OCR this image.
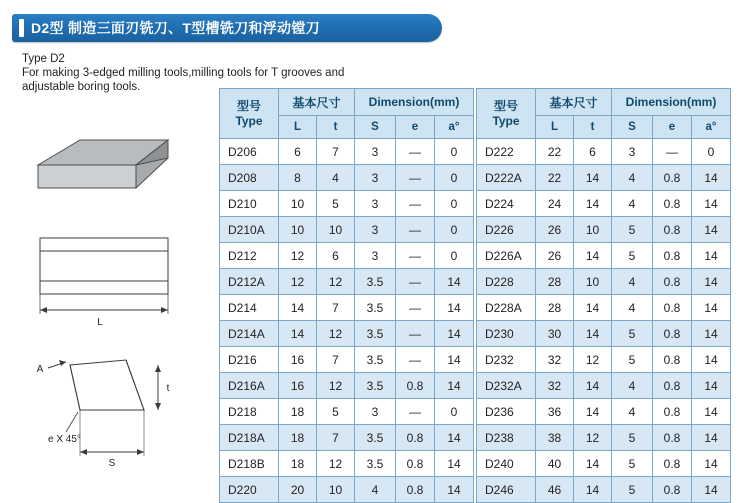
D2型 制造三面刃铣刀、T型槽铣刀和浮动镗刀
Type D2
For making 3-edged milling tools,milling tools for T grooves and
adjustable boring tools.
L
A
t
e X 45°
S
型号
Type	基本尺寸		Dimension(mm)		
	L	t	S	e	a°
D206	6	7	3	—	0
D208	8	4	3	—	0
D210	10	5	3	—	0
D210A	10	10	3	—	0
D212	12	6	3	—	0
D212A	12	12	3.5	—	14
D214	14	7	3.5	—	14
D214A	14	12	3.5	—	14
D216	16	7	3.5	—	14
D216A	16	12	3.5	0.8	14
D218	18	5	3	—	0
D218A	18	7	3.5	0.8	14
D218B	18	12	3.5	0.8	14
D220	20	10	4	0.8	14
型号
Type	基本尺寸		Dimension(mm)		
	L	t	S	e	a°
D222	22	6	3	—	0
D222A	22	14	4	0.8	14
D224	24	14	4	0.8	14
D226	26	10	5	0.8	14
D226A	26	14	5	0.8	14
D228	28	10	4	0.8	14
D228A	28	14	4	0.8	14
D230	30	14	5	0.8	14
D232	32	12	5	0.8	14
D232A	32	14	4	0.8	14
D236	36	14	4	0.8	14
D238	38	12	5	0.8	14
D240	40	14	5	0.8	14
D246	46	14	5	0.8	14
